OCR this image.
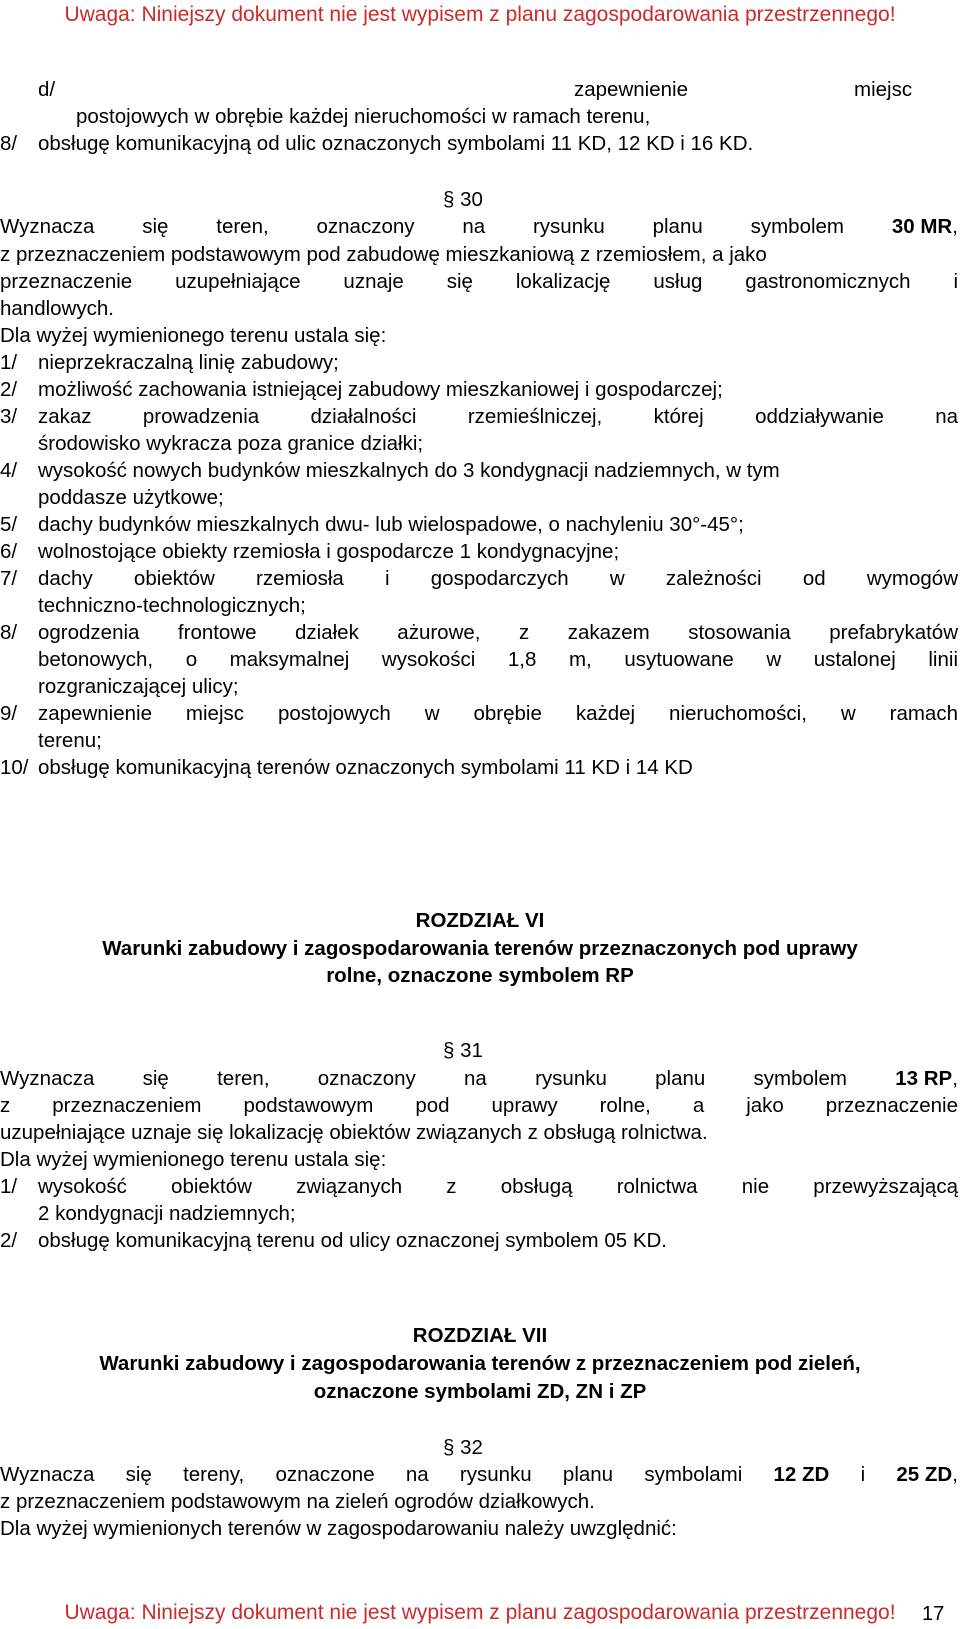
Uwaga: Niniejszy dokument nie jest wypisem z planu zagospodarowania przestrzennego!
d/	zapewnienie	miejsc
postojowych w obrębie każdej nieruchomości w ramach terenu,
8/ obsługę komunikacyjną od ulic oznaczonych symbolami 11 KD, 12 KD i 16 KD.
§ 30
Wyznacza się teren, oznaczony na rysunku planu symbolem 30 MR,
z przeznaczeniem podstawowym pod zabudowę mieszkaniową z rzemiosłem, a jako
przeznaczenie uzupełniające uznaje się lokalizację usług gastronomicznych i
handlowych.
Dla wyżej wymienionego terenu ustala się:
1/ nieprzekraczalną linię zabudowy;
2/ możliwość zachowania istniejącej zabudowy mieszkaniowej i gospodarczej;
3/ zakaz prowadzenia działalności rzemieślniczej, której oddziaływanie na
środowisko wykracza poza granice działki;
4/ wysokość nowych budynków mieszkalnych do 3 kondygnacji nadziemnych, w tym
poddasze użytkowe;
5/ dachy budynków mieszkalnych dwu- lub wielospadowe, o nachyleniu 30°-45°;
6/ wolnostojące obiekty rzemiosła i gospodarcze 1 kondygnacyjne;
7/ dachy obiektów rzemiosła i gospodarczych w zależności od wymogów
techniczno-technologicznych;
8/ ogrodzenia frontowe działek ażurowe, z zakazem stosowania prefabrykatów
betonowych, o maksymalnej wysokości 1,8 m, usytuowane w ustalonej linii
rozgraniczającej ulicy;
9/ zapewnienie miejsc postojowych w obrębie każdej nieruchomości, w ramach
terenu;
10/ obsługę komunikacyjną terenów oznaczonych symbolami 11 KD i 14 KD
ROZDZIAŁ VI
Warunki zabudowy i zagospodarowania terenów przeznaczonych pod uprawy
rolne, oznaczone symbolem RP
§ 31
Wyznacza się teren, oznaczony na rysunku planu symbolem 13 RP,
z przeznaczeniem podstawowym pod uprawy rolne, a jako przeznaczenie
uzupełniające uznaje się lokalizację obiektów związanych z obsługą rolnictwa.
Dla wyżej wymienionego terenu ustala się:
1/ wysokość obiektów związanych z obsługą rolnictwa nie przewyższającą
2 kondygnacji nadziemnych;
2/ obsługę komunikacyjną terenu od ulicy oznaczonej symbolem 05 KD.
ROZDZIAŁ VII
Warunki zabudowy i zagospodarowania terenów z przeznaczeniem pod zieleń,
oznaczone symbolami ZD, ZN i ZP
§ 32
Wyznacza się tereny, oznaczone na rysunku planu symbolami 12 ZD i 25 ZD,
z przeznaczeniem podstawowym na zieleń ogrodów działkowych.
Dla wyżej wymienionych terenów w zagospodarowaniu należy uwzględnić:
Uwaga: Niniejszy dokument nie jest wypisem z planu zagospodarowania przestrzennego!	17
